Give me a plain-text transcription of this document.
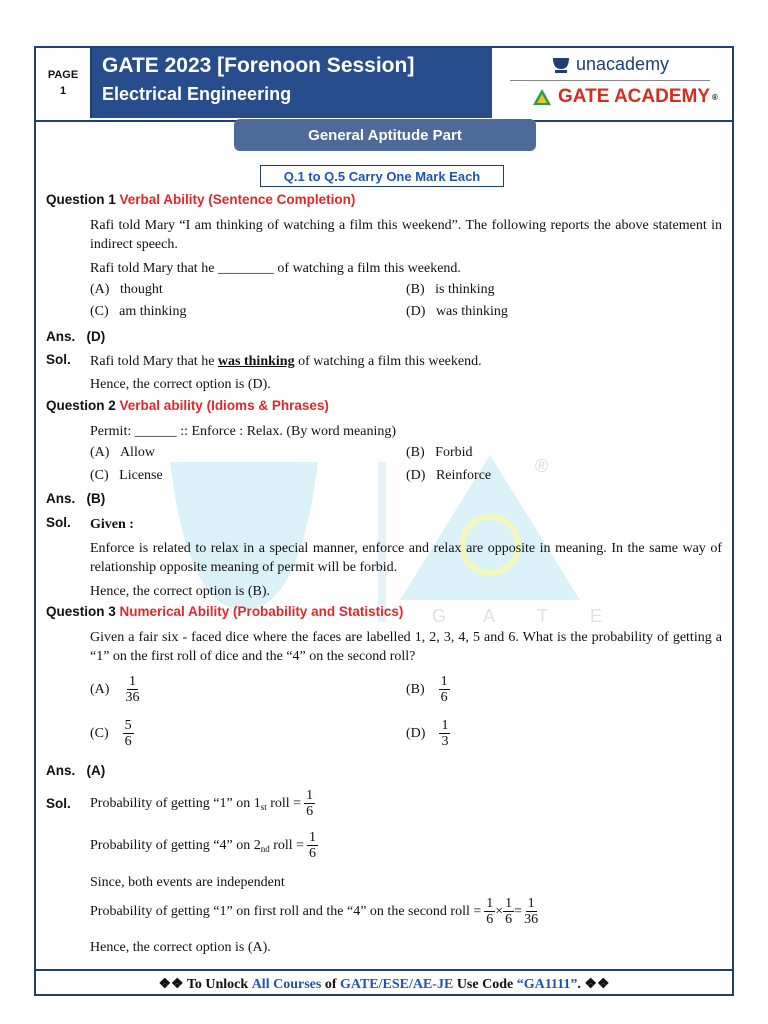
®
G A T E
PAGE
1
GATE 2023 [Forenoon Session]
Electrical Engineering
unacademy
GATE ACADEMY ®
General Aptitude Part
Q.1 to Q.5 Carry One Mark Each
❖❖ To Unlock All Courses of GATE/ESE/AE-JE Use Code “GA1111” . ❖❖
Question 1 Verbal Ability (Sentence Completion)
Rafi told Mary “I am thinking of watching a film this weekend”. The following reports the above statement in indirect speech.
Rafi told Mary that he ________ of watching a film this weekend.
(A) thought	(B) is thinking
(C) am thinking	(D) was thinking
Ans. (D)
Sol. Rafi told Mary that he was thinking of watching a film this weekend.
Hence, the correct option is (D).
Question 2 Verbal ability (Idioms & Phrases)
Permit: ______ :: Enforce : Relax. (By word meaning)
(A) Allow	(B) Forbid
(C) License	(D) Reinforce
Ans. (B)
Sol. Given :
Enforce is related to relax in a special manner, enforce and relax are opposite in meaning. In the same way of relationship opposite meaning of permit will be forbid.
Hence, the correct option is (B).
Question 3 Numerical Ability (Probability and Statistics)
Given a fair six - faced dice where the faces are labelled 1, 2, 3, 4, 5 and 6. What is the probability of getting a “1” on the first roll of dice and the “4” on the second roll?
$(A) \frac{1}{36}$	$(B) \frac{1}{6}$
$(C) \frac{5}{6}$	$(D) \frac{1}{3}$
Ans. (A)
Sol. Probability of getting “1” on $1_{st}$ roll = $\frac{1}{6}$
Probability of getting “4” on $2_{nd}$ roll = $\frac{1}{6}$
Since, both events are independent
Probability of getting “1” on first roll and the “4” on the second roll = $\frac{1}{6} \times \frac{1}{6} = \frac{1}{36}$
Hence, the correct option is (A).
